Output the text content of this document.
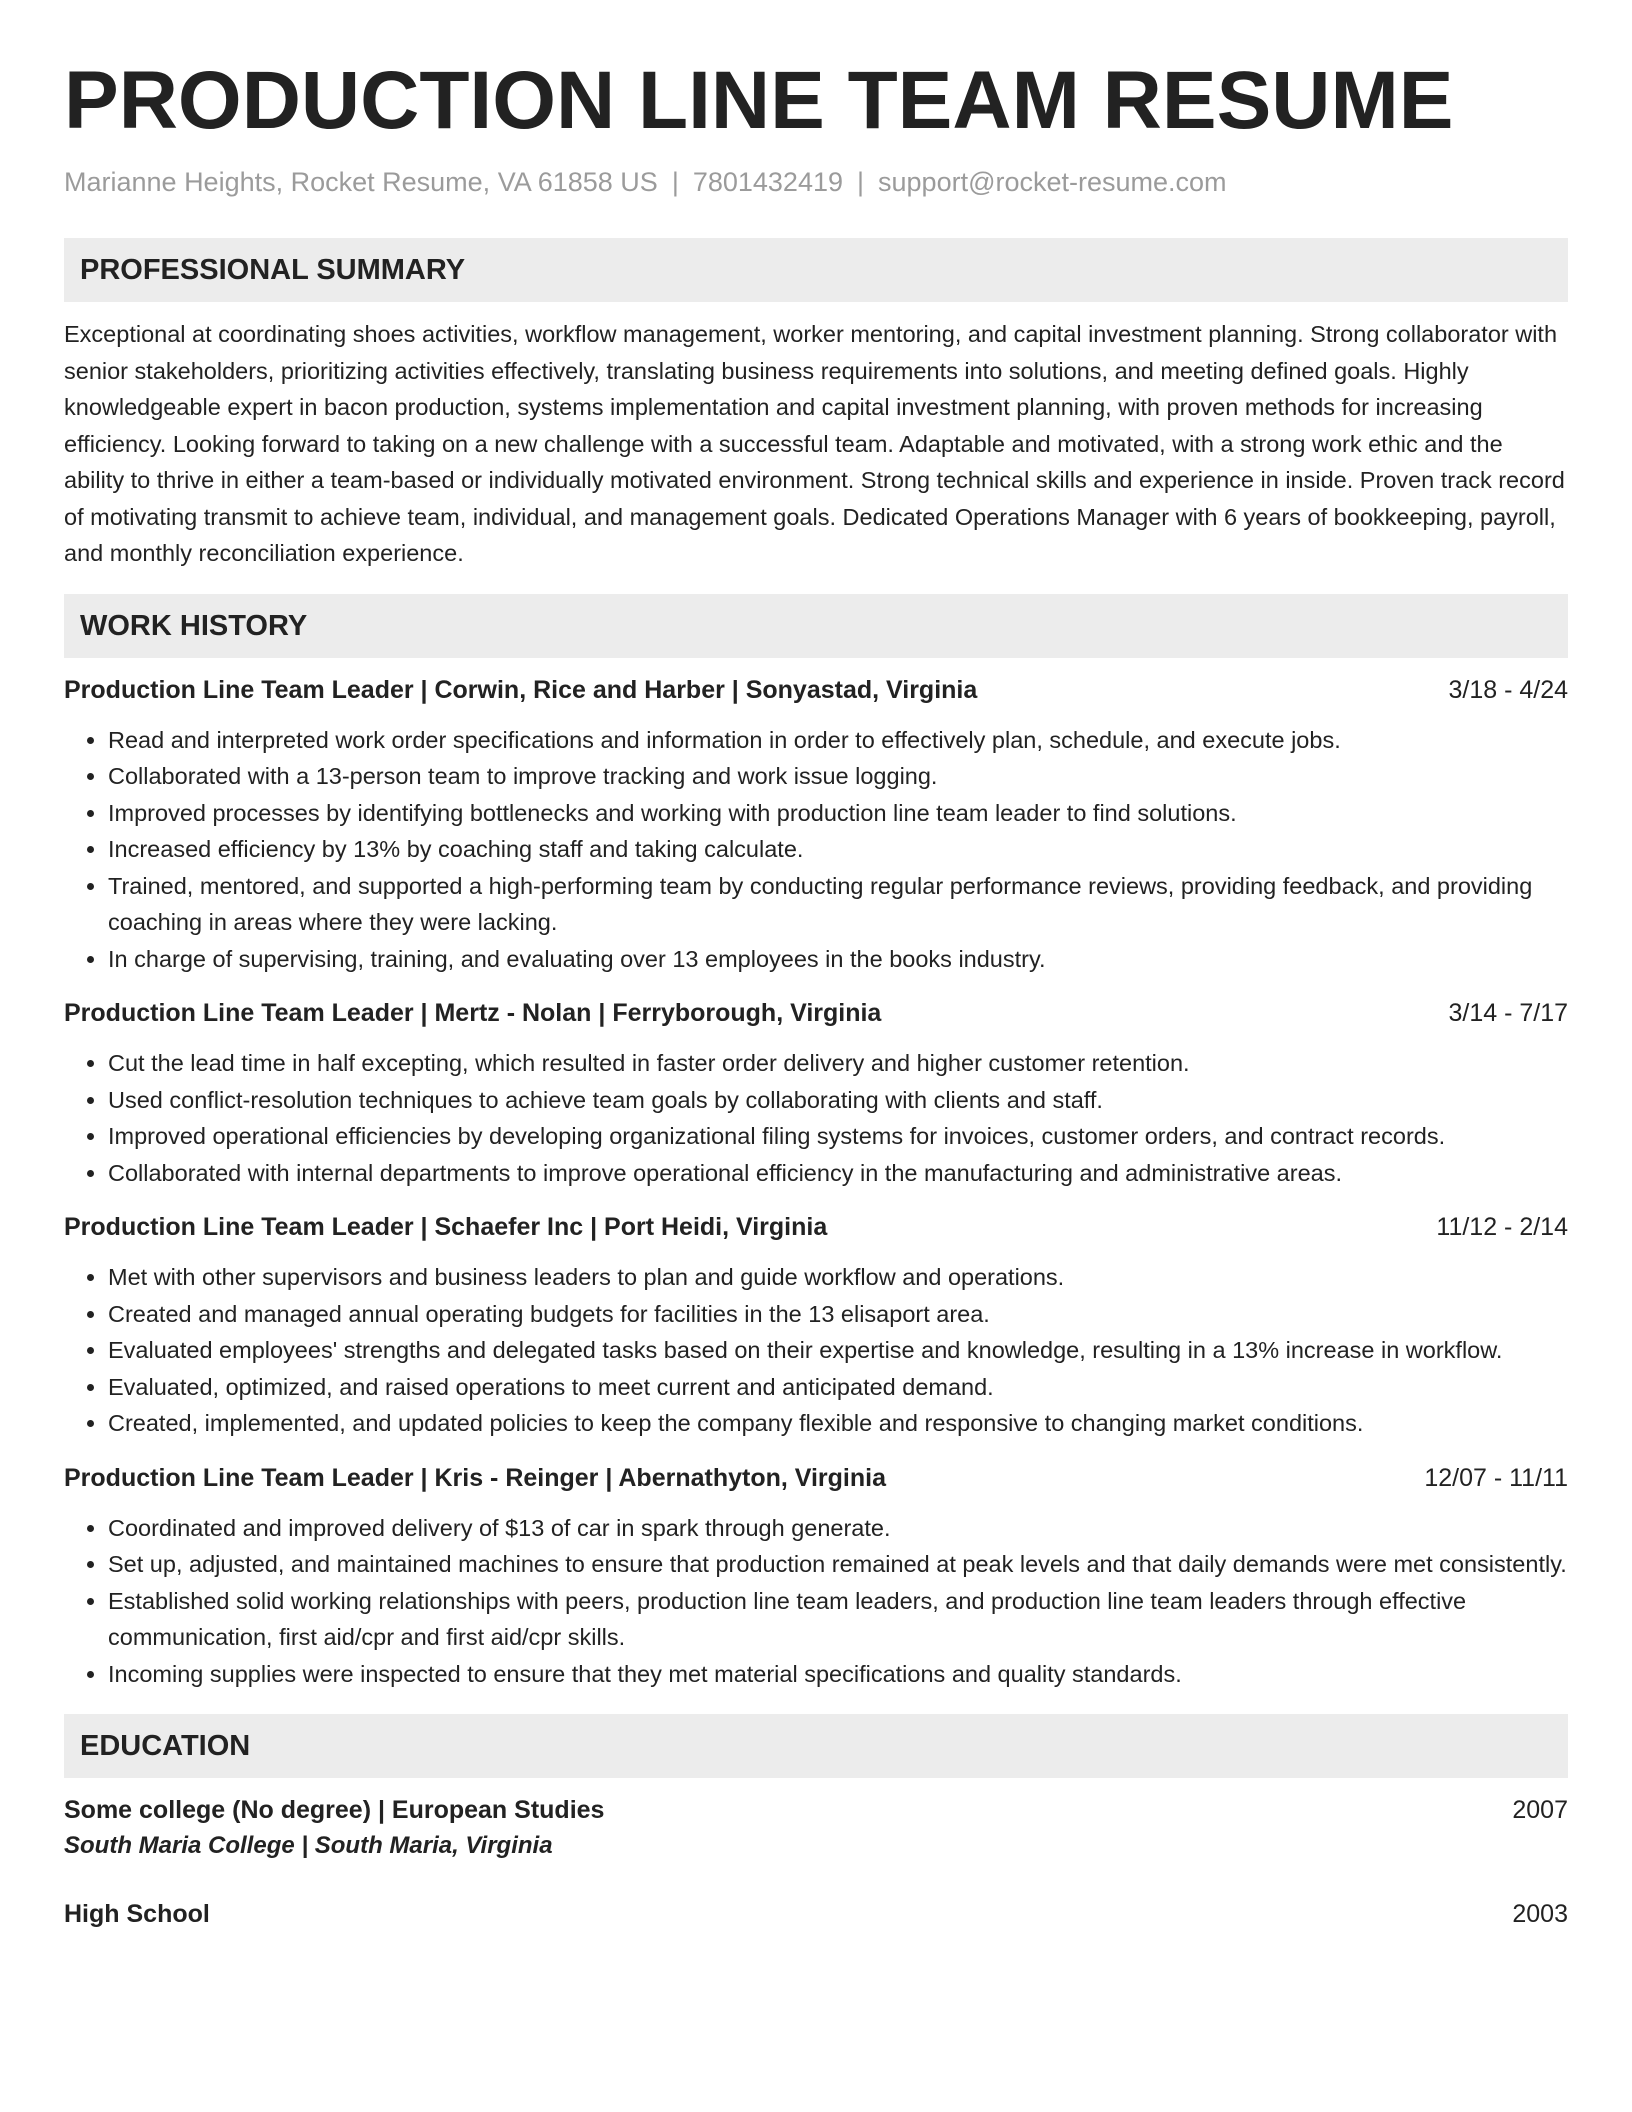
PRODUCTION LINE TEAM RESUME
Marianne Heights, Rocket Resume, VA 61858 US | 7801432419 | support@rocket-resume.com
PROFESSIONAL SUMMARY

Exceptional at coordinating shoes activities, workflow management, worker mentoring, and capital investment planning. Strong collaborator with senior stakeholders, prioritizing activities effectively, translating business requirements into solutions, and meeting defined goals. Highly knowledgeable expert in bacon production, systems implementation and capital investment planning, with proven methods for increasing efficiency. Looking forward to taking on a new challenge with a successful team. Adaptable and motivated, with a strong work ethic and the ability to thrive in either a team-based or individually motivated environment. Strong technical skills and experience in inside. Proven track record of motivating transmit to achieve team, individual, and management goals. Dedicated Operations Manager with 6 years of bookkeeping, payroll, and monthly reconciliation experience.

WORK HISTORY
Production Line Team Leader | Corwin, Rice and Harber | Sonyastad, Virginia	3/18 - 4/24
• Read and interpreted work order specifications and information in order to effectively plan, schedule, and execute jobs.
• Collaborated with a 13-person team to improve tracking and work issue logging.
• Improved processes by identifying bottlenecks and working with production line team leader to find solutions.
• Increased efficiency by 13% by coaching staff and taking calculate.
• Trained, mentored, and supported a high-performing team by conducting regular performance reviews, providing feedback, and providing coaching in areas where they were lacking.
• In charge of supervising, training, and evaluating over 13 employees in the books industry.
Production Line Team Leader | Mertz - Nolan | Ferryborough, Virginia	3/14 - 7/17
• Cut the lead time in half excepting, which resulted in faster order delivery and higher customer retention.
• Used conflict-resolution techniques to achieve team goals by collaborating with clients and staff.
• Improved operational efficiencies by developing organizational filing systems for invoices, customer orders, and contract records.
• Collaborated with internal departments to improve operational efficiency in the manufacturing and administrative areas.
Production Line Team Leader | Schaefer Inc | Port Heidi, Virginia	11/12 - 2/14
• Met with other supervisors and business leaders to plan and guide workflow and operations.
• Created and managed annual operating budgets for facilities in the 13 elisaport area.
• Evaluated employees' strengths and delegated tasks based on their expertise and knowledge, resulting in a 13% increase in workflow.
• Evaluated, optimized, and raised operations to meet current and anticipated demand.
• Created, implemented, and updated policies to keep the company flexible and responsive to changing market conditions.
Production Line Team Leader | Kris - Reinger | Abernathyton, Virginia	12/07 - 11/11
• Coordinated and improved delivery of $13 of car in spark through generate.
• Set up, adjusted, and maintained machines to ensure that production remained at peak levels and that daily demands were met consistently.
• Established solid working relationships with peers, production line team leaders, and production line team leaders through effective communication, first aid/cpr and first aid/cpr skills.
• Incoming supplies were inspected to ensure that they met material specifications and quality standards.
EDUCATION
Some college (No degree) | European Studies	2007
South Maria College | South Maria, Virginia
High School	2003
